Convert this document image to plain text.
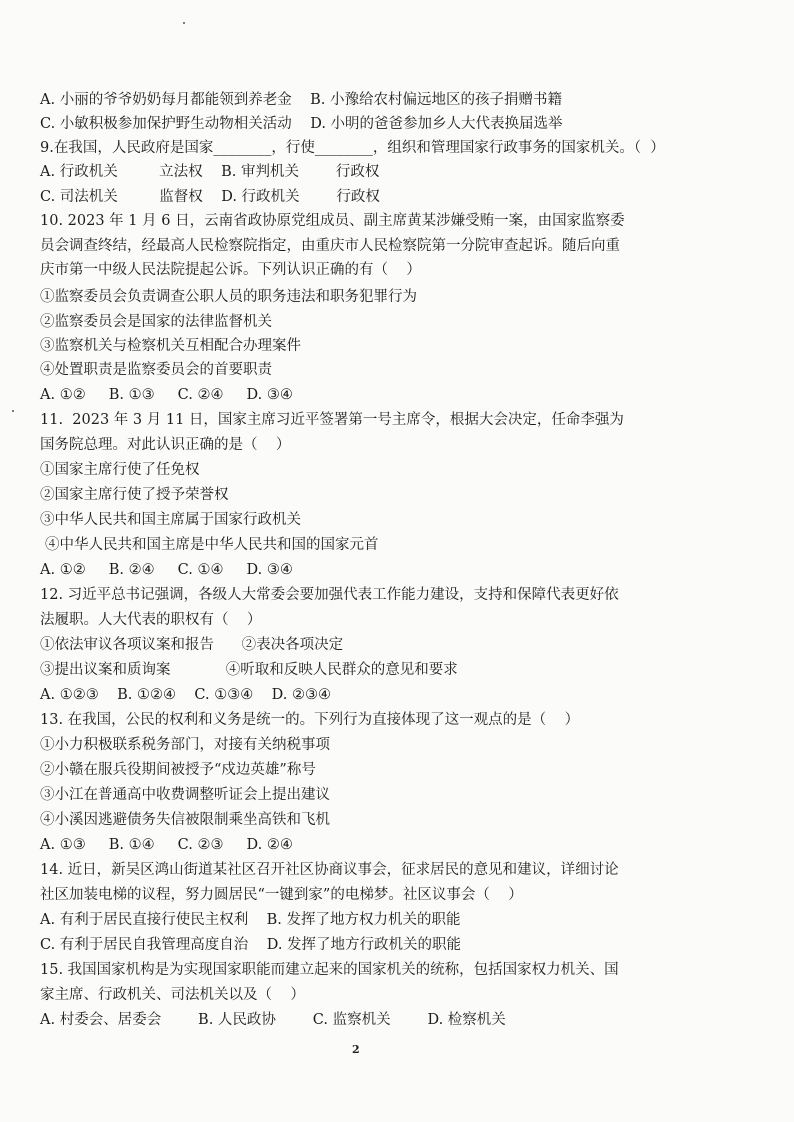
A. 小丽的爷爷奶奶每月都能领到养老金    B. 小豫给农村偏远地区的孩子捐赠书籍
C. 小敏积极参加保护野生动物相关活动    D. 小明的爸爸参加乡人大代表换届选举
9.在我国，人民政府是国家________，行使________，组织和管理国家行政事务的国家机关。（  ）
A. 行政机关         立法权    B. 审判机关        行政权
C. 司法机关         监督权    D. 行政机关        行政权
10. 2023 年 1 月 6 日，云南省政协原党组成员、副主席黄某涉嫌受贿一案，由国家监察委
员会调查终结，经最高人民检察院指定，由重庆市人民检察院第一分院审查起诉。随后向重
庆市第一中级人民法院提起公诉。下列认识正确的有（    ）
①监察委员会负责调查公职人员的职务违法和职务犯罪行为
②监察委员会是国家的法律监督机关
③监察机关与检察机关互相配合办理案件
④处置职责是监察委员会的首要职责
A. ①②     B. ①③     C. ②④     D. ③④
11.  2023 年 3 月 11 日，国家主席习近平签署第一号主席令，根据大会决定，任命李强为
国务院总理。对此认识正确的是（    ）
①国家主席行使了任免权
②国家主席行使了授予荣誉权
③中华人民共和国主席属于国家行政机关
④中华人民共和国主席是中华人民共和国的国家元首
A. ①②     B. ②④     C. ①④     D. ③④
12. 习近平总书记强调，各级人大常委会要加强代表工作能力建设，支持和保障代表更好依
法履职。人大代表的职权有（    ）
①依法审议各项议案和报告      ②表决各项决定
③提出议案和质询案            ④听取和反映人民群众的意见和要求
A. ①②③    B. ①②④    C. ①③④    D. ②③④
13. 在我国，公民的权利和义务是统一的。下列行为直接体现了这一观点的是（    ）
①小力积极联系税务部门，对接有关纳税事项
②小赣在服兵役期间被授予“戍边英雄”称号
③小江在普通高中收费调整听证会上提出建议
④小溪因逃避债务失信被限制乘坐高铁和飞机
A. ①③     B. ①④     C. ②③     D. ②④
14. 近日，新吴区鸿山街道某社区召开社区协商议事会，征求居民的意见和建议，详细讨论
社区加装电梯的议程，努力圆居民“一键到家”的电梯梦。社区议事会（    ）
A. 有利于居民直接行使民主权利    B. 发挥了地方权力机关的职能
C. 有利于居民自我管理高度自治    D. 发挥了地方行政机关的职能
15. 我国国家机构是为实现国家职能而建立起来的国家机关的统称，包括国家权力机关、国
家主席、行政机关、司法机关以及（    ）
A. 村委会、居委会        B. 人民政协        C. 监察机关        D. 检察机关
2
